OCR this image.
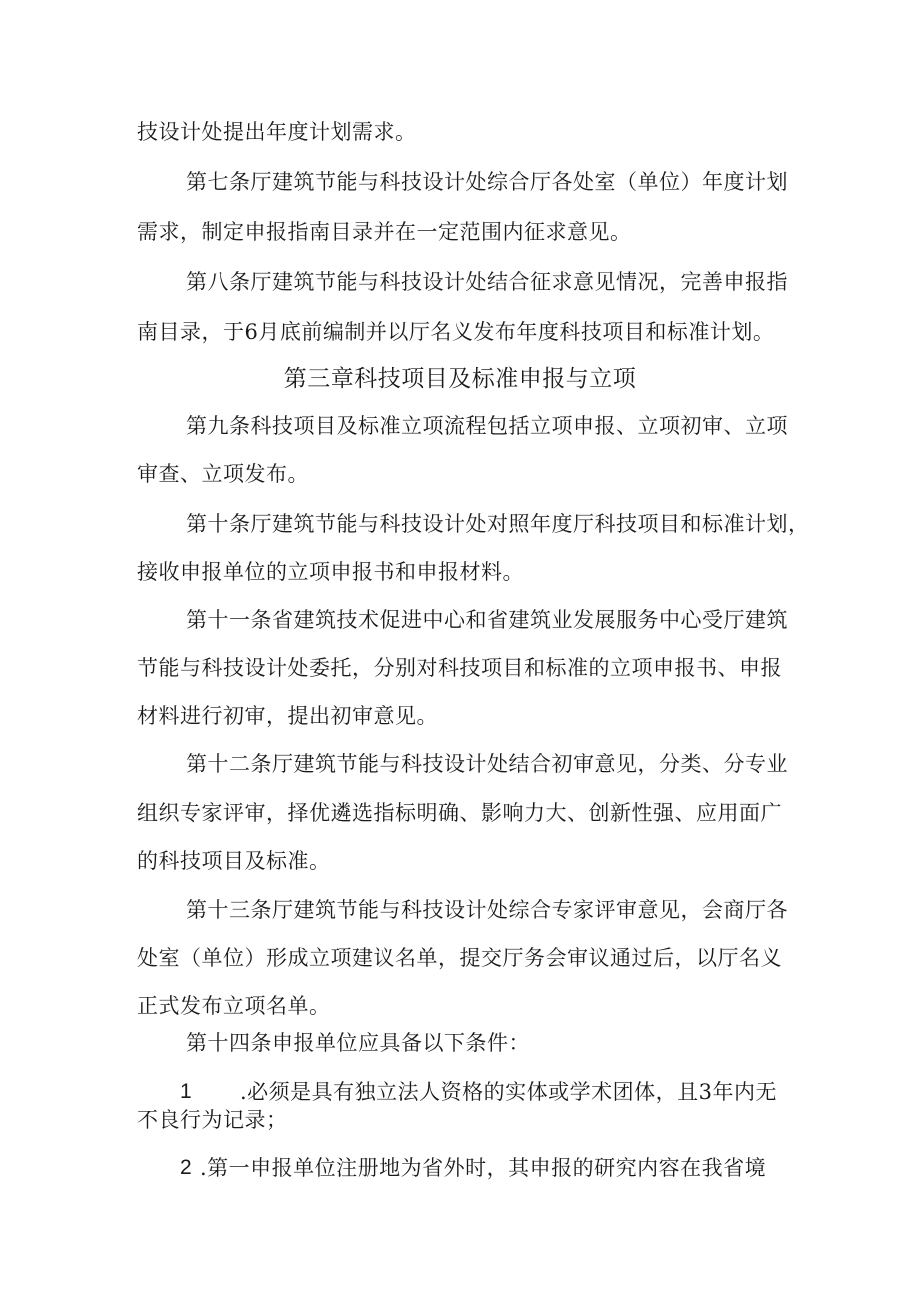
技设计处提出年度计划需求。

第七条厅建筑节能与科技设计处综合厅各处室（单位）年度计划

需求，制定申报指南目录并在一定范围内征求意见。

第八条厅建筑节能与科技设计处结合征求意见情况，完善申报指

南目录，于6月底前编制并以厅名义发布年度科技项目和标准计划。

第三章科技项目及标准申报与立项

第九条科技项目及标准立项流程包括立项申报、立项初审、立项

审查、立项发布。

第十条厅建筑节能与科技设计处对照年度厅科技项目和标准计划，

接收申报单位的立项申报书和申报材料。

第十一条省建筑技术促进中心和省建筑业发展服务中心受厅建筑

节能与科技设计处委托，分别对科技项目和标准的立项申报书、申报

材料进行初审，提出初审意见。

第十二条厅建筑节能与科技设计处结合初审意见，分类、分专业

组织专家评审，择优遴选指标明确、影响力大、创新性强、应用面广

的科技项目及标准。

第十三条厅建筑节能与科技设计处综合专家评审意见，会商厅各

处室（单位）形成立项建议名单，提交厅务会审议通过后，以厅名义

正式发布立项名单。

第十四条申报单位应具备以下条件：

1 .必须是具有独立法人资格的实体或学术团体，且3年内无

不良行为记录；

2 .第一申报单位注册地为省外时，其申报的研究内容在我省境
